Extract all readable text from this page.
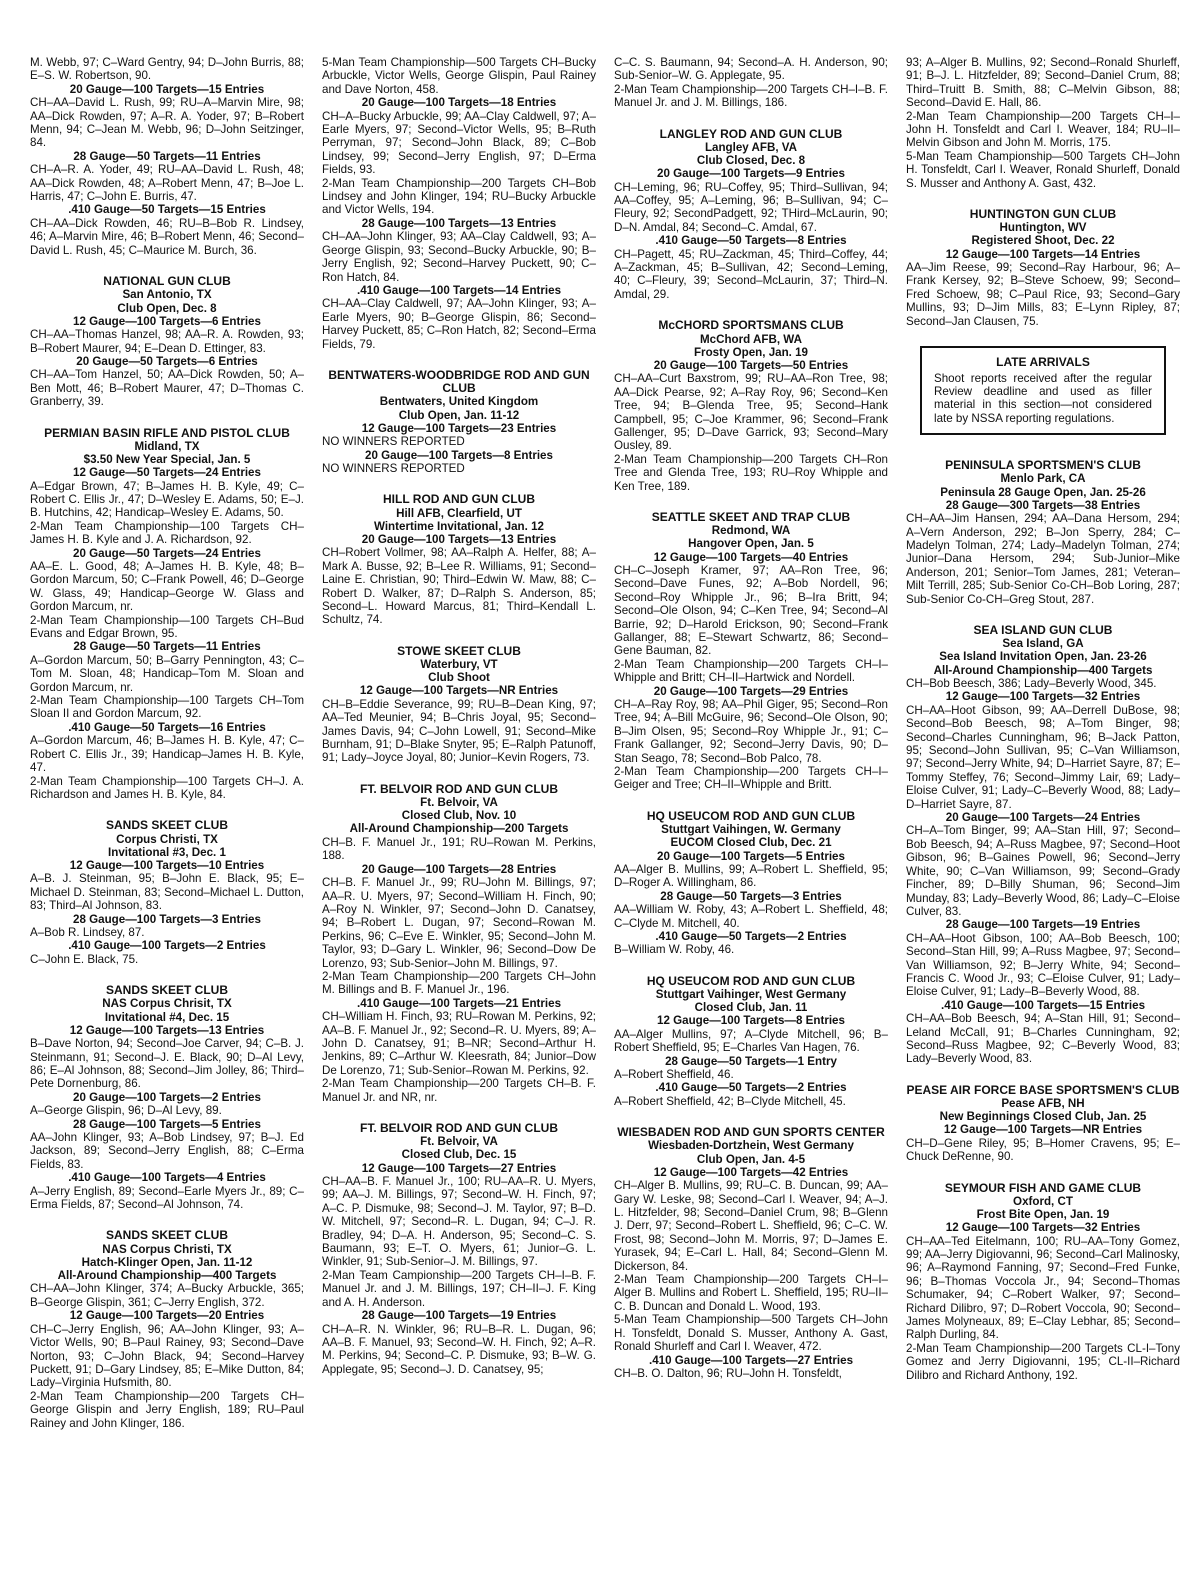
M. Webb, 97; C–Ward Gentry, 94; D–John Burris, 88; E–S. W. Robertson, 90.
20 Gauge—100 Targets—15 Entries
CH–AA–David L. Rush, 99; RU–A–Marvin Mire, 98; AA–Dick Rowden, 97; A–R. A. Yoder, 97; B–Robert Menn, 94; C–Jean M. Webb, 96; D–John Seitzinger, 84.
28 Gauge—50 Targets—11 Entries
CH–A–R. A. Yoder, 49; RU–AA–David L. Rush, 48; AA–Dick Rowden, 48; A–Robert Menn, 47; B–Joe L. Harris, 47; C–John E. Burris, 47.
.410 Gauge—50 Targets—15 Entries
CH–AA–Dick Rowden, 46; RU–B–Bob R. Lindsey, 46; A–Marvin Mire, 46; B–Robert Menn, 46; Second–David L. Rush, 45; C–Maurice M. Burch, 36.
NATIONAL GUN CLUB
San Antonio, TX
Club Open, Dec. 8
12 Gauge—100 Targets—6 Entries
CH–AA–Thomas Hanzel, 98; AA–R. A. Rowden, 93; B–Robert Maurer, 94; E–Dean D. Ettinger, 83.
20 Gauge—50 Targets—6 Entries
CH–AA–Tom Hanzel, 50; AA–Dick Rowden, 50; A–Ben Mott, 46; B–Robert Maurer, 47; D–Thomas C. Granberry, 39.
PERMIAN BASIN RIFLE AND PISTOL CLUB
Midland, TX
$3.50 New Year Special, Jan. 5
12 Gauge—50 Targets—24 Entries
A–Edgar Brown, 47; B–James H. B. Kyle, 49; C–Robert C. Ellis Jr., 47; D–Wesley E. Adams, 50; E–J. B. Hutchins, 42; Handicap–Wesley E. Adams, 50.
2-Man Team Championship—100 Targets CH–James H. B. Kyle and J. A. Richardson, 92.
20 Gauge—50 Targets—24 Entries
AA–E. L. Good, 48; A–James H. B. Kyle, 48; B–Gordon Marcum, 50; C–Frank Powell, 46; D–George W. Glass, 49; Handicap–George W. Glass and Gordon Marcum, nr.
2-Man Team Championship—100 Targets CH–Bud Evans and Edgar Brown, 95.
28 Gauge—50 Targets—11 Entries
A–Gordon Marcum, 50; B–Garry Pennington, 43; C–Tom M. Sloan, 48; Handicap–Tom M. Sloan and Gordon Marcum, nr.
2-Man Team Championship—100 Targets CH–Tom Sloan II and Gordon Marcum, 92.
.410 Gauge—50 Targets—16 Entries
A–Gordon Marcum, 46; B–James H. B. Kyle, 47; C–Robert C. Ellis Jr., 39; Handicap–James H. B. Kyle, 47.
2-Man Team Championship—100 Targets CH–J. A. Richardson and James H. B. Kyle, 84.
SANDS SKEET CLUB
Corpus Christi, TX
Invitational #3, Dec. 1
12 Gauge—100 Targets—10 Entries
A–B. J. Steinman, 95; B–John E. Black, 95; E–Michael D. Steinman, 83; Second–Michael L. Dutton, 83; Third–Al Johnson, 83.
28 Gauge—100 Targets—3 Entries
A–Bob R. Lindsey, 87.
.410 Gauge—100 Targets—2 Entries
C–John E. Black, 75.
SANDS SKEET CLUB
NAS Corpus Chrisit, TX
Invitational #4, Dec. 15
12 Gauge—100 Targets—13 Entries
B–Dave Norton, 94; Second–Joe Carver, 94; C–B. J. Steinmann, 91; Second–J. E. Black, 90; D–Al Levy, 86; E–Al Johnson, 88; Second–Jim Jolley, 86; Third–Pete Dornenburg, 86.
20 Gauge—100 Targets—2 Entries
A–George Glispin, 96; D–Al Levy, 89.
28 Gauge—100 Targets—5 Entries
AA–John Klinger, 93; A–Bob Lindsey, 97; B–J. Ed Jackson, 89; Second–Jerry English, 88; C–Erma Fields, 83.
.410 Gauge—100 Targets—4 Entries
A–Jerry English, 89; Second–Earle Myers Jr., 89; C–Erma Fields, 87; Second–Al Johnson, 74.
SANDS SKEET CLUB
NAS Corpus Christi, TX
Hatch-Klinger Open, Jan. 11-12
All-Around Championship—400 Targets
CH–AA–John Klinger, 374; A–Bucky Arbuckle, 365; B–George Glispin, 361; C–Jerry English, 372.
12 Gauge—100 Targets—20 Entries
CH–C–Jerry English, 96; AA–John Klinger, 93; A–Victor Wells, 90; B–Paul Rainey, 93; Second–Dave Norton, 93; C–John Black, 94; Second–Harvey Puckett, 91; D–Gary Lindsey, 85; E–Mike Dutton, 84; Lady–Virginia Hufsmith, 80.
2-Man Team Championship—200 Targets CH–George Glispin and Jerry English, 189; RU–Paul Rainey and John Klinger, 186.
5-Man Team Championship—500 Targets CH–Bucky Arbuckle, Victor Wells, George Glispin, Paul Rainey and Dave Norton, 458.
20 Gauge—100 Targets—18 Entries
CH–A–Bucky Arbuckle, 99; AA–Clay Caldwell, 97; A–Earle Myers, 97; Second–Victor Wells, 95; B–Ruth Perryman, 97; Second–John Black, 89; C–Bob Lindsey, 99; Second–Jerry English, 97; D–Erma Fields, 93.
2-Man Team Championship—200 Targets CH–Bob Lindsey and John Klinger, 194; RU–Bucky Arbuckle and Victor Wells, 194.
28 Gauge—100 Targets—13 Entries
CH–AA–John Klinger, 93; AA–Clay Caldwell, 93; A–George Glispin, 93; Second–Bucky Arbuckle, 90; B–Jerry English, 92; Second–Harvey Puckett, 90; C–Ron Hatch, 84.
.410 Gauge—100 Targets—14 Entries
CH–AA–Clay Caldwell, 97; AA–John Klinger, 93; A–Earle Myers, 90; B–George Glispin, 86; Second–Harvey Puckett, 85; C–Ron Hatch, 82; Second–Erma Fields, 79.
BENTWATERS-WOODBRIDGE ROD AND GUN CLUB
Bentwaters, United Kingdom
Club Open, Jan. 11-12
12 Gauge—100 Targets—23 Entries
NO WINNERS REPORTED
20 Gauge—100 Targets—8 Entries
NO WINNERS REPORTED
HILL ROD AND GUN CLUB
Hill AFB, Clearfield, UT
Wintertime Invitational, Jan. 12
20 Gauge—100 Targets—13 Entries
CH–Robert Vollmer, 98; AA–Ralph A. Helfer, 88; A–Mark A. Busse, 92; B–Lee R. Williams, 91; Second–Laine E. Christian, 90; Third–Edwin W. Maw, 88; C–Robert D. Walker, 87; D–Ralph S. Anderson, 85; Second–L. Howard Marcus, 81; Third–Kendall L. Schultz, 74.
STOWE SKEET CLUB
Waterbury, VT
Club Shoot
12 Gauge—100 Targets—NR Entries
CH–B–Eddie Severance, 99; RU–B–Dean King, 97; AA–Ted Meunier, 94; B–Chris Joyal, 95; Second–James Davis, 94; C–John Lowell, 91; Second–Mike Burnham, 91; D–Blake Snyter, 95; E–Ralph Patunoff, 91; Lady–Joyce Joyal, 80; Junior–Kevin Rogers, 73.
FT. BELVOIR ROD AND GUN CLUB
Ft. Belvoir, VA
Closed Club, Nov. 10
All-Around Championship—200 Targets
CH–B. F. Manuel Jr., 191; RU–Rowan M. Perkins, 188.
20 Gauge—100 Targets—28 Entries
CH–B. F. Manuel Jr., 99; RU–John M. Billings, 97; AA–R. U. Myers, 97; Second–William H. Finch, 90; A–Roy N. Winkler, 97; Second–John D. Canatsey, 94; B–Robert L. Dugan, 97; Second–Rowan M. Perkins, 96; C–Eve E. Winkler, 95; Second–John M. Taylor, 93; D–Gary L. Winkler, 96; Second–Dow De Lorenzo, 93; Sub-Senior–John M. Billings, 97.
2-Man Team Championship—200 Targets CH–John M. Billings and B. F. Manuel Jr., 196.
.410 Gauge—100 Targets—21 Entries
CH–William H. Finch, 93; RU–Rowan M. Perkins, 92; AA–B. F. Manuel Jr., 92; Second–R. U. Myers, 89; A–John D. Canatsey, 91; B–NR; Second–Arthur H. Jenkins, 89; C–Arthur W. Kleesrath, 84; Junior–Dow De Lorenzo, 71; Sub-Senior–Rowan M. Perkins, 92.
2-Man Team Championship—200 Targets CH–B. F. Manuel Jr. and NR, nr.
FT. BELVOIR ROD AND GUN CLUB
Ft. Belvoir, VA
Closed Club, Dec. 15
12 Gauge—100 Targets—27 Entries
CH–AA–B. F. Manuel Jr., 100; RU–AA–R. U. Myers, 99; AA–J. M. Billings, 97; Second–W. H. Finch, 97; A–C. P. Dismuke, 98; Second–J. M. Taylor, 97; B–D. W. Mitchell, 97; Second–R. L. Dugan, 94; C–J. R. Bradley, 94; D–A. H. Anderson, 95; Second–C. S. Baumann, 93; E–T. O. Myers, 61; Junior–G. L. Winkler, 91; Sub-Senior–J. M. Billings, 97.
2-Man Team Campionship—200 Targets CH–I–B. F. Manuel Jr. and J. M. Billings, 197; CH–II–J. F. King and A. H. Anderson.
28 Gauge—100 Targets—19 Entries
CH–A–R. N. Winkler, 96; RU–B–R. L. Dugan, 96; AA–B. F. Manuel, 93; Second–W. H. Finch, 92; A–R. M. Perkins, 94; Second–C. P. Dismuke, 93; B–W. G. Applegate, 95; Second–J. D. Canatsey, 95;
C–C. S. Baumann, 94; Second–A. H. Anderson, 90; Sub-Senior–W. G. Applegate, 95.
2-Man Team Championship—200 Targets CH–I–B. F. Manuel Jr. and J. M. Billings, 186.
LANGLEY ROD AND GUN CLUB
Langley AFB, VA
Club Closed, Dec. 8
20 Gauge—100 Targets—9 Entries
CH–Leming, 96; RU–Coffey, 95; Third–Sullivan, 94; AA–Coffey, 95; A–Leming, 96; B–Sullivan, 94; C–Fleury, 92; SecondPadgett, 92; THird–McLaurin, 90; D–N. Amdal, 84; Second–C. Amdal, 67.
.410 Gauge—50 Targets—8 Entries
CH–Pagett, 45; RU–Zackman, 45; Third–Coffey, 44; A–Zackman, 45; B–Sullivan, 42; Second–Leming, 40; C–Fleury, 39; Second–McLaurin, 37; Third–N. Amdal, 29.
McCHORD SPORTSMANS CLUB
McChord AFB, WA
Frosty Open, Jan. 19
20 Gauge—100 Targets—50 Entries
CH–AA–Curt Baxstrom, 99; RU–AA–Ron Tree, 98; AA–Dick Pearse, 92; A–Ray Roy, 96; Second–Ken Tree, 94; B–Glenda Tree, 95; Second–Hank Campbell, 95; C–Joe Krammer, 96; Second–Frank Gallenger, 95; D–Dave Garrick, 93; Second–Mary Ousley, 89.
2-Man Team Championship—200 Targets CH–Ron Tree and Glenda Tree, 193; RU–Roy Whipple and Ken Tree, 189.
SEATTLE SKEET AND TRAP CLUB
Redmond, WA
Hangover Open, Jan. 5
12 Gauge—100 Targets—40 Entries
CH–C–Joseph Kramer, 97; AA–Ron Tree, 96; Second–Dave Funes, 92; A–Bob Nordell, 96; Second–Roy Whipple Jr., 96; B–Ira Britt, 94; Second–Ole Olson, 94; C–Ken Tree, 94; Second–Al Barrie, 92; D–Harold Erickson, 90; Second–Frank Gallanger, 88; E–Stewart Schwartz, 86; Second–Gene Bauman, 82.
2-Man Team Championship—200 Targets CH–I–Whipple and Britt; CH–II–Hartwick and Nordell.
20 Gauge—100 Targets—29 Entries
CH–A–Ray Roy, 98; AA–Phil Giger, 95; Second–Ron Tree, 94; A–Bill McGuire, 96; Second–Ole Olson, 90; B–Jim Olsen, 95; Second–Roy Whipple Jr., 91; C–Frank Gallanger, 92; Second–Jerry Davis, 90; D–Stan Seago, 78; Second–Bob Palco, 78.
2-Man Team Championship—200 Targets CH–I–Geiger and Tree; CH–II–Whipple and Britt.
HQ USEUCOM ROD AND GUN CLUB
Stuttgart Vaihingen, W. Germany
EUCOM Closed Club, Dec. 21
20 Gauge—100 Targets—5 Entries
AA–Alger B. Mullins, 99; A–Robert L. Sheffield, 95; D–Roger A. Willingham, 86.
28 Gauge—50 Targets—3 Entries
AA–William W. Roby, 43; A–Robert L. Sheffield, 48; C–Clyde M. Mitchell, 40.
.410 Gauge—50 Targets—2 Entries
B–William W. Roby, 46.
HQ USEUCOM ROD AND GUN CLUB
Stuttgart Vaihinger, West Germany
Closed Club, Jan. 11
12 Gauge—100 Targets—8 Entries
AA–Alger Mullins, 97; A–Clyde Mitchell, 96; B–Robert Sheffield, 95; E–Charles Van Hagen, 76.
28 Gauge—50 Targets—1 Entry
A–Robert Sheffield, 46.
.410 Gauge—50 Targets—2 Entries
A–Robert Sheffield, 42; B–Clyde Mitchell, 45.
WIESBADEN ROD AND GUN SPORTS CENTER
Wiesbaden-Dortzhein, West Germany
Club Open, Jan. 4-5
12 Gauge—100 Targets—42 Entries
CH–Alger B. Mullins, 99; RU–C. B. Duncan, 99; AA–Gary W. Leske, 98; Second–Carl I. Weaver, 94; A–J. L. Hitzfelder, 98; Second–Daniel Crum, 98; B–Glenn J. Derr, 97; Second–Robert L. Sheffield, 96; C–C. W. Frost, 98; Second–John M. Morris, 97; D–James E. Yurasek, 94; E–Carl L. Hall, 84; Second–Glenn M. Dickerson, 84.
2-Man Team Championship—200 Targets CH–I–Alger B. Mullins and Robert L. Sheffield, 195; RU–II–C. B. Duncan and Donald L. Wood, 193.
5-Man Team Championship—500 Targets CH–John H. Tonsfeldt, Donald S. Musser, Anthony A. Gast, Ronald Shurleff and Carl I. Weaver, 472.
.410 Gauge—100 Targets—27 Entries
CH–B. O. Dalton, 96; RU–John H. Tonsfeldt,
93; A–Alger B. Mullins, 92; Second–Ronald Shurleff, 91; B–J. L. Hitzfelder, 89; Second–Daniel Crum, 88; Third–Truitt B. Smith, 88; C–Melvin Gibson, 88; Second–David E. Hall, 86.
2-Man Team Championship—200 Targets CH–I–John H. Tonsfeldt and Carl I. Weaver, 184; RU–II–Melvin Gibson and John M. Morris, 175.
5-Man Team Championship—500 Targets CH–John H. Tonsfeldt, Carl I. Weaver, Ronald Shurleff, Donald S. Musser and Anthony A. Gast, 432.
HUNTINGTON GUN CLUB
Huntington, WV
Registered Shoot, Dec. 22
12 Gauge—100 Targets—14 Entries
AA–Jim Reese, 99; Second–Ray Harbour, 96; A–Frank Kersey, 92; B–Steve Schoew, 99; Second–Fred Schoew, 98; C–Paul Rice, 93; Second–Gary Mullins, 93; D–Jim Mills, 83; E–Lynn Ripley, 87; Second–Jan Clausen, 75.
LATE ARRIVALS
Shoot reports received after the regular Review deadline and used as filler material in this section—not considered late by NSSA reporting regulations.
PENINSULA SPORTSMEN'S CLUB
Menlo Park, CA
Peninsula 28 Gauge Open, Jan. 25-26
28 Gauge—300 Targets—38 Entries
CH–AA–Jim Hansen, 294; AA–Dana Hersom, 294; A–Vern Anderson, 292; B–Jon Sperry, 284; C–Madelyn Tolman, 274; Lady–Madelyn Tolman, 274; Junior–Dana Hersom, 294; Sub-Junior–Mike Anderson, 201; Senior–Tom James, 281; Veteran–Milt Terrill, 285; Sub-Senior Co-CH–Bob Loring, 287; Sub-Senior Co-CH–Greg Stout, 287.
SEA ISLAND GUN CLUB
Sea Island, GA
Sea Island Invitation Open, Jan. 23-26
All-Around Championship—400 Targets
CH–Bob Beesch, 386; Lady–Beverly Wood, 345.
12 Gauge—100 Targets—32 Entries
CH–AA–Hoot Gibson, 99; AA–Derrell DuBose, 98; Second–Bob Beesch, 98; A–Tom Binger, 98; Second–Charles Cunningham, 96; B–Jack Patton, 95; Second–John Sullivan, 95; C–Van Williamson, 97; Second–Jerry White, 94; D–Harriet Sayre, 87; E–Tommy Steffey, 76; Second–Jimmy Lair, 69; Lady–Eloise Culver, 91; Lady–C–Beverly Wood, 88; Lady–D–Harriet Sayre, 87.
20 Gauge—100 Targets—24 Entries
CH–A–Tom Binger, 99; AA–Stan Hill, 97; Second–Bob Beesch, 94; A–Russ Magbee, 97; Second–Hoot Gibson, 96; B–Gaines Powell, 96; Second–Jerry White, 90; C–Van Williamson, 99; Second–Grady Fincher, 89; D–Billy Shuman, 96; Second–Jim Munday, 83; Lady–Beverly Wood, 86; Lady–C–Eloise Culver, 83.
28 Gauge—100 Targets—19 Entries
CH–AA–Hoot Gibson, 100; AA–Bob Beesch, 100; Second–Stan Hill, 99; A–Russ Magbee, 97; Second–Van Williamson, 92; B–Jerry White, 94; Second–Francis C. Wood Jr., 93; C–Eloise Culver, 91; Lady–Eloise Culver, 91; Lady–B–Beverly Wood, 88.
.410 Gauge—100 Targets—15 Entries
CH–AA–Bob Beesch, 94; A–Stan Hill, 91; Second–Leland McCall, 91; B–Charles Cunningham, 92; Second–Russ Magbee, 92; C–Beverly Wood, 83; Lady–Beverly Wood, 83.
PEASE AIR FORCE BASE SPORTSMEN'S CLUB
Pease AFB, NH
New Beginnings Closed Club, Jan. 25
12 Gauge—100 Targets—NR Entries
CH–D–Gene Riley, 95; B–Homer Cravens, 95; E–Chuck DeRenne, 90.
SEYMOUR FISH AND GAME CLUB
Oxford, CT
Frost Bite Open, Jan. 19
12 Gauge—100 Targets—32 Entries
CH–AA–Ted Eitelmann, 100; RU–AA–Tony Gomez, 99; AA–Jerry Digiovanni, 96; Second–Carl Malinosky, 96; A–Raymond Fanning, 97; Second–Fred Funke, 96; B–Thomas Voccola Jr., 94; Second–Thomas Schumaker, 94; C–Robert Walker, 97; Second–Richard Dilibro, 97; D–Robert Voccola, 90; Second–James Molyneaux, 89; E–Clay Lebhar, 85; Second–Ralph Durling, 84.
2-Man Team Championship—200 Targets CL-I–Tony Gomez and Jerry Digiovanni, 195; CL-II–Richard Dilibro and Richard Anthony, 192.
